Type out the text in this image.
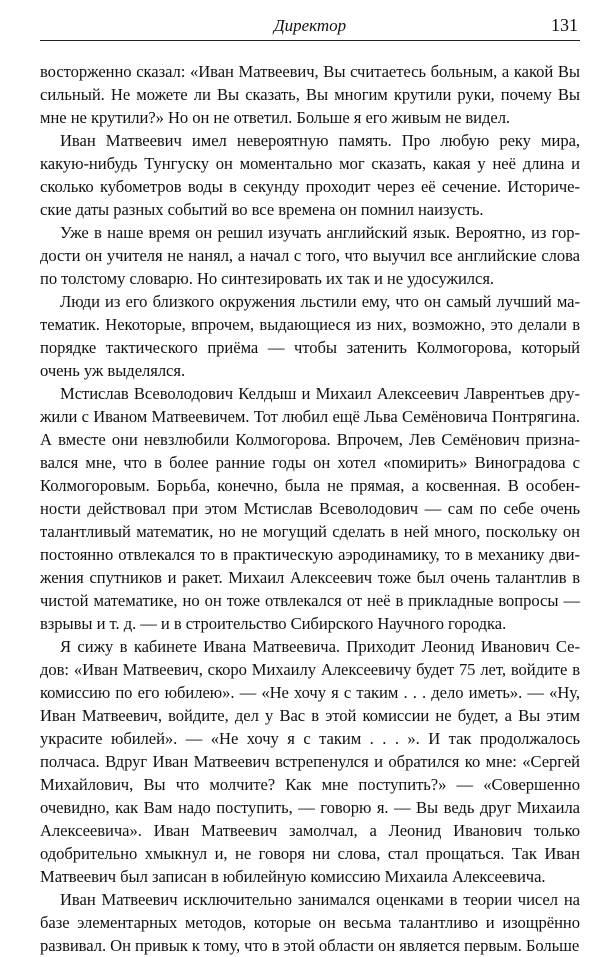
Директор	131

восторженно сказал: «Иван Матвеевич, Вы считаетесь больным, а какой Вы сильный. Не можете ли Вы сказать, Вы многим крутили руки, почему Вы мне не крутили?» Но он не ответил. Больше я его живым не видел.

Иван Матвеевич имел невероятную память. Про любую реку мира, какую-нибудь Тунгуску он моментально мог сказать, какая у неё длина и сколько кубометров воды в секунду проходит через её сечение. Исторические даты разных событий во все времена он помнил наизусть.

Уже в наше время он решил изучать английский язык. Вероятно, из гордости он учителя не нанял, а начал с того, что выучил все английские слова по толстому словарю. Но синтезировать их так и не удосужился.

Люди из его близкого окружения льстили ему, что он самый лучший математик. Некоторые, впрочем, выдающиеся из них, возможно, это делали в порядке тактического приёма — чтобы затенить Колмогорова, который очень уж выделялся.

Мстислав Всеволодович Келдыш и Михаил Алексеевич Лаврентьев дружили с Иваном Матвеевичем. Тот любил ещё Льва Семёновича Понтрягина. А вместе они невзлюбили Колмогорова. Впрочем, Лев Семёнович признавался мне, что в более ранние годы он хотел «помирить» Виноградова с Колмогоровым. Борьба, конечно, была не прямая, а косвенная. В особенности действовал при этом Мстислав Всеволодович — сам по себе очень талантливый математик, но не могущий сделать в ней много, поскольку он постоянно отвлекался то в практическую аэродинамику, то в механику движения спутников и ракет. Михаил Алексеевич тоже был очень талантлив в чистой математике, но он тоже отвлекался от неё в прикладные вопросы — взрывы и т. д. — и в строительство Сибирского Научного городка.

Я сижу в кабинете Ивана Матвеевича. Приходит Леонид Иванович Седов: «Иван Матвеевич, скоро Михаилу Алексеевичу будет 75 лет, войдите в комиссию по его юбилею». — «Не хочу я с таким . . . дело иметь». — «Ну, Иван Матвеевич, войдите, дел у Вас в этой комиссии не будет, а Вы этим украсите юбилей». — «Не хочу я с таким . . . ». И так продолжалось полчаса. Вдруг Иван Матвеевич встрепенулся и обратился ко мне: «Сергей Михайлович, Вы что молчите? Как мне поступить?» — «Совершенно очевидно, как Вам надо поступить, — говорю я. — Вы ведь друг Михаила Алексеевича». Иван Матвеевич замолчал, а Леонид Иванович только одобрительно хмыкнул и, не говоря ни слова, стал прощаться. Так Иван Матвеевич был записан в юбилейную комиссию Михаила Алексеевича.

Иван Матвеевич исключительно занимался оценками в теории чисел на базе элементарных методов, которые он весьма талантливо и изощрённо развивал. Он привык к тому, что в этой области он является первым. Больше
